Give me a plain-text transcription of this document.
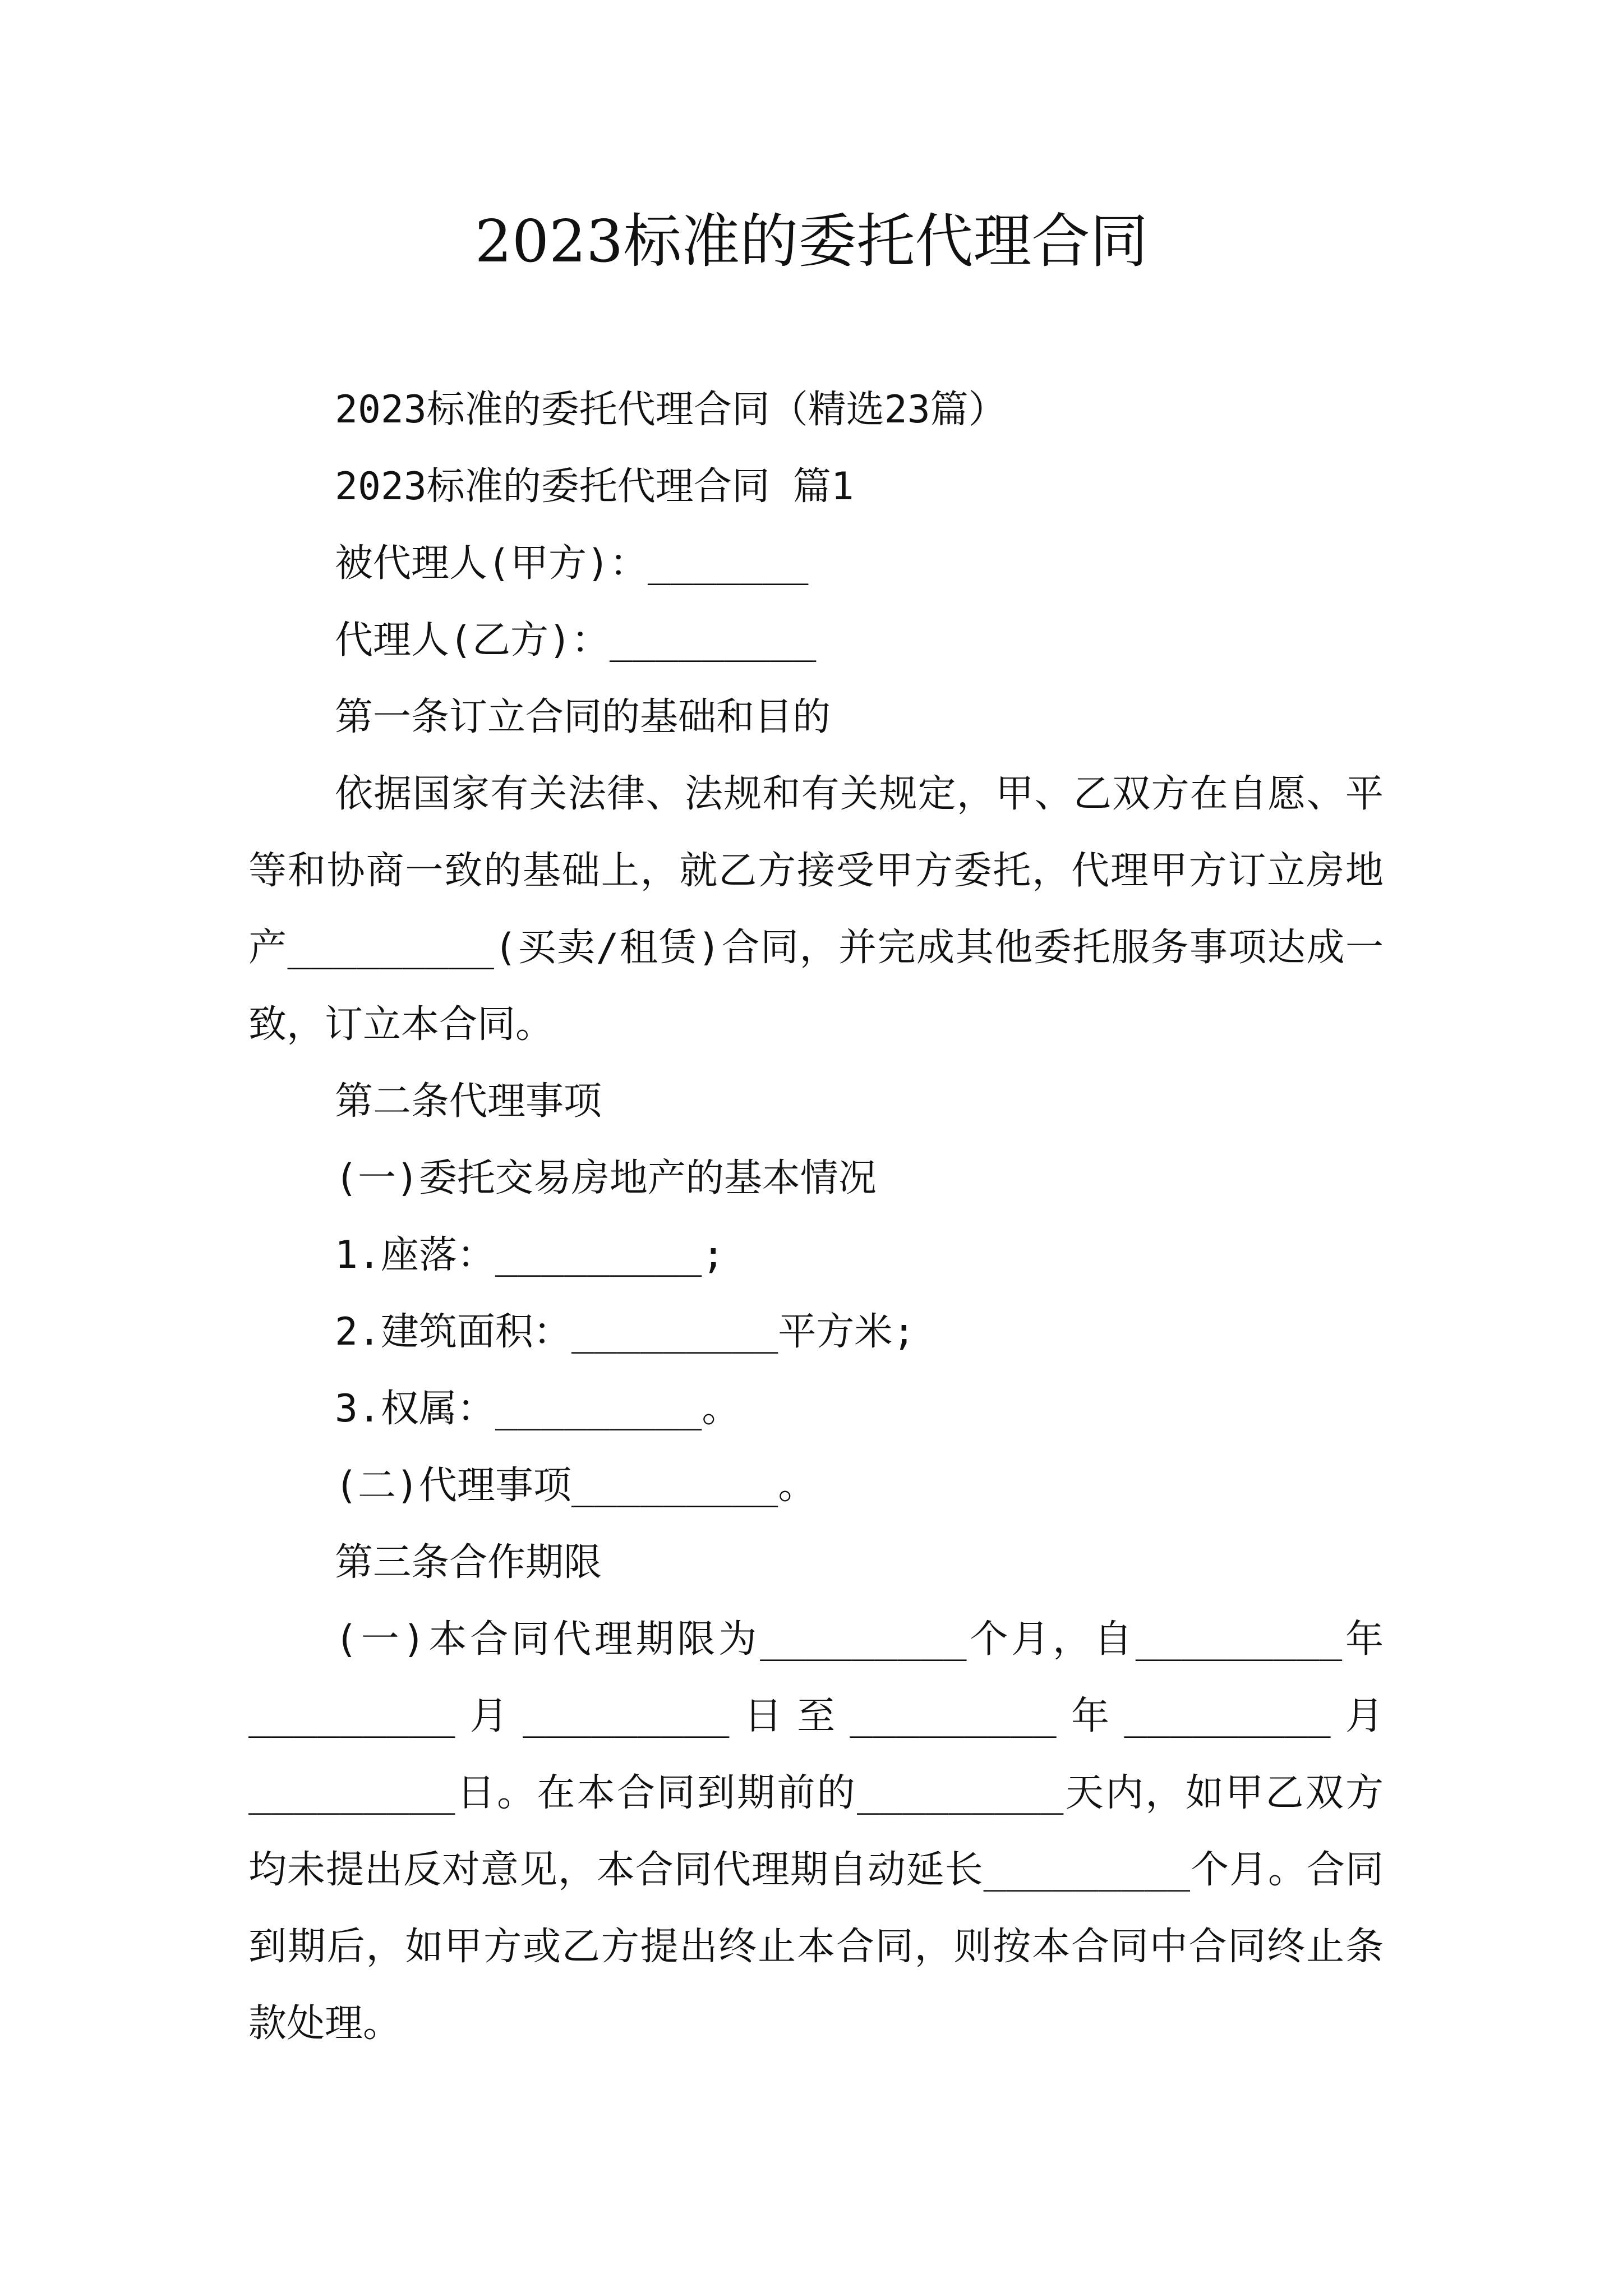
2023标准的委托代理合同

2023标准的委托代理合同（精选23篇）

2023标准的委托代理合同 篇1

被代理人(甲方)：_______

代理人(乙方)：_________

第一条订立合同的基础和目的

依据国家有关法律、法规和有关规定，甲、乙双方在自愿、平等和协商一致的基础上，就乙方接受甲方委托，代理甲方订立房地产_________(买卖/租赁)合同，并完成其他委托服务事项达成一致，订立本合同。

第二条代理事项

(一)委托交易房地产的基本情况

1.座落：_________;

2.建筑面积：_________平方米;

3.权属：_________。

(二)代理事项_________。

第三条合作期限

(一)本合同代理期限为_________个月，自_________年_________月_________日至_________年_________月_________日。在本合同到期前的_________天内，如甲乙双方均未提出反对意见，本合同代理期自动延长_________个月。合同到期后，如甲方或乙方提出终止本合同，则按本合同中合同终止条款处理。
